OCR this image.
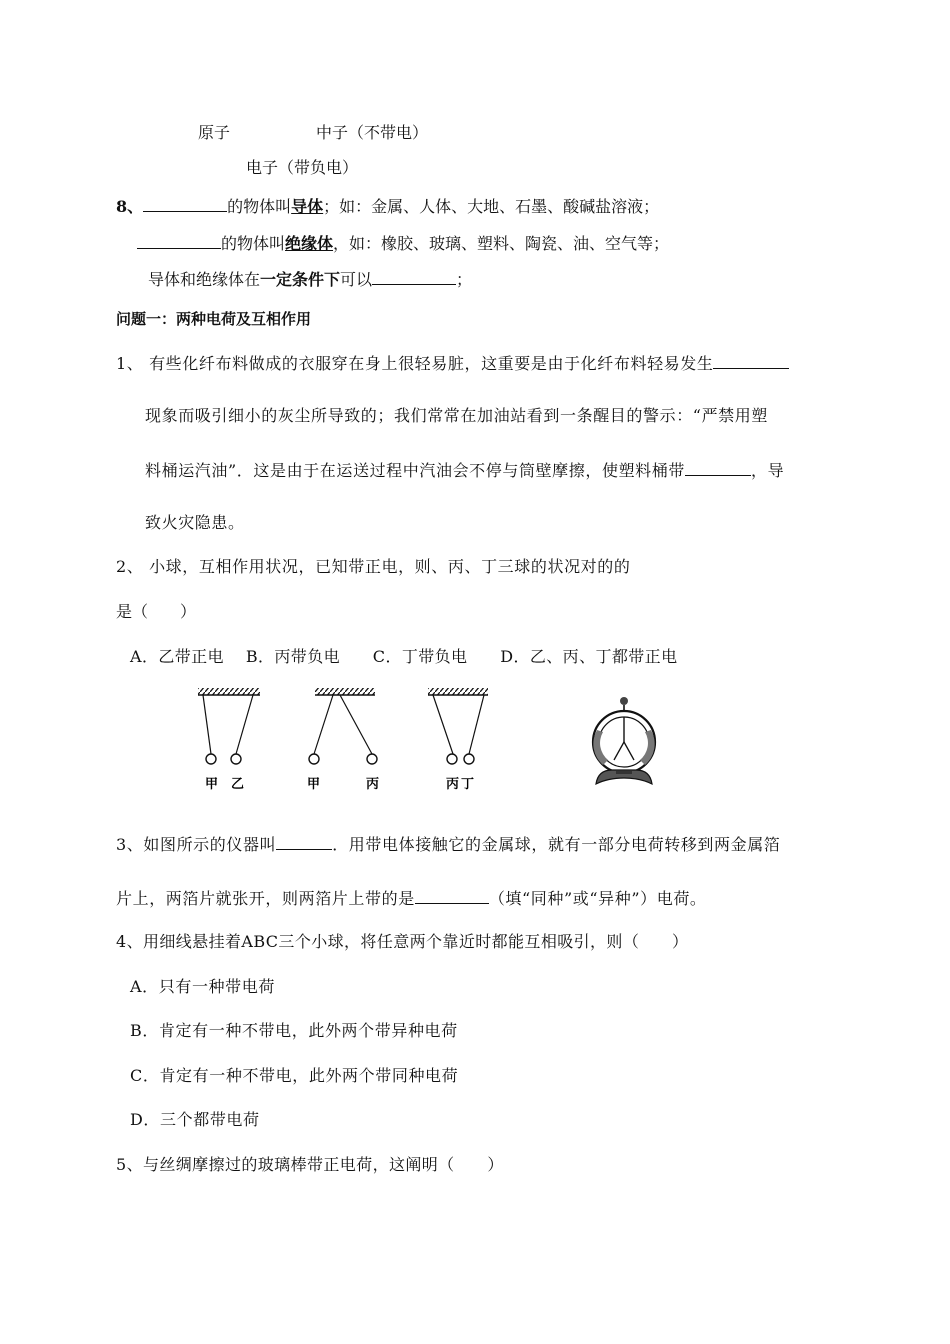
原子	中子（不带电）
电子（带负电）
8、	的物体叫导体；如：金属、人体、大地、石墨、酸碱盐溶液；
的物体叫绝缘体，如：橡胶、玻璃、塑料、陶瓷、油、空气等；
导体和绝缘体在一定条件下可以	；
问题一：两种电荷及互相作用
1、 有些化纤布料做成的衣服穿在身上很轻易脏，这重要是由于化纤布料轻易发生
现象而吸引细小的灰尘所导致的；我们常常在加油站看到一条醒目的警示：“严禁用塑
料桶运汽油”．这是由于在运送过程中汽油会不停与筒壁摩擦，使塑料桶带	，导
致火灾隐患。
2、 小球，互相作用状况，已知带正电，则、丙、丁三球的状况对的的
是（　　）
A．乙带正电　 B．丙带负电　　C．丁带负电　　D．乙、丙、丁都带正电
甲 乙	甲	丙	丙 丁
3、如图所示的仪器叫	．用带电体接触它的金属球，就有一部分电荷转移到两金属箔
片上，两箔片就张开，则两箔片上带的是	（填“同种”或“异种”）电荷。
4、用细线悬挂着ABC三个小球，将任意两个靠近时都能互相吸引，则（　　）
A．只有一种带电荷
B．肯定有一种不带电，此外两个带异种电荷
C．肯定有一种不带电，此外两个带同种电荷
D．三个都带电荷
5、与丝绸摩擦过的玻璃棒带正电荷，这阐明（　　）
